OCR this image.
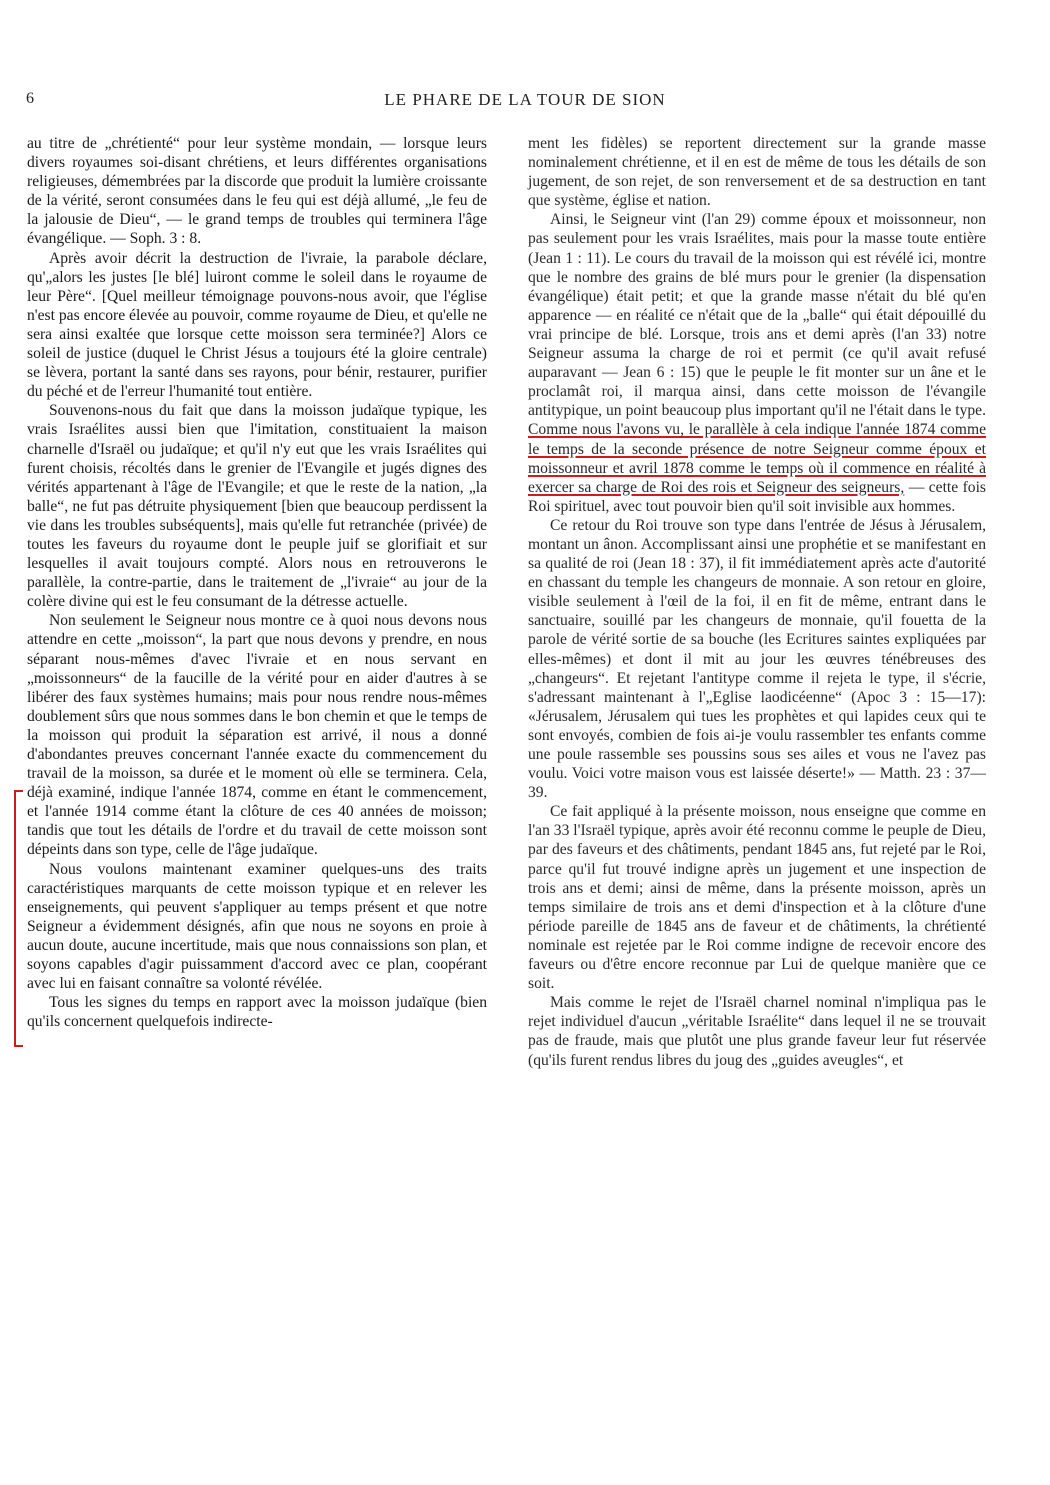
6	LE PHARE DE LA TOUR DE SION

au titre de „chrétienté“ pour leur système mondain, — lorsque leurs divers royaumes soi-disant chrétiens, et leurs différentes organisations religieuses, démembrées par la discorde que produit la lumière croissante de la vérité, seront consumées dans le feu qui est déjà allumé, „le feu de la jalousie de Dieu“, — le grand temps de troubles qui terminera l'âge évangélique. — Soph. 3 : 8.

Après avoir décrit la destruction de l'ivraie, la parabole déclare, qu'„alors les justes [le blé] luiront comme le soleil dans le royaume de leur Père“. [Quel meilleur témoignage pouvons-nous avoir, que l'église n'est pas encore élevée au pouvoir, comme royaume de Dieu, et qu'elle ne sera ainsi exaltée que lorsque cette moisson sera terminée?] Alors ce soleil de justice (duquel le Christ Jésus a toujours été la gloire centrale) se lèvera, portant la santé dans ses rayons, pour bénir, restaurer, purifier du péché et de l'erreur l'humanité tout entière.

Souvenons-nous du fait que dans la moisson judaïque typique, les vrais Israélites aussi bien que l'imitation, constituaient la maison charnelle d'Israël ou judaïque; et qu'il n'y eut que les vrais Israélites qui furent choisis, récoltés dans le grenier de l'Evangile et jugés dignes des vérités appartenant à l'âge de l'Evangile; et que le reste de la nation, „la balle“, ne fut pas détruite physiquement [bien que beaucoup perdissent la vie dans les troubles subséquents], mais qu'elle fut retranchée (privée) de toutes les faveurs du royaume dont le peuple juif se glorifiait et sur lesquelles il avait toujours compté. Alors nous en retrouverons le parallèle, la contre-partie, dans le traitement de „l'ivraie“ au jour de la colère divine qui est le feu consumant de la détresse actuelle.

Non seulement le Seigneur nous montre ce à quoi nous devons nous attendre en cette „moisson“, la part que nous devons y prendre, en nous séparant nous-mêmes d'avec l'ivraie et en nous servant en „moissonneurs“ de la faucille de la vérité pour en aider d'autres à se libérer des faux systèmes humains; mais pour nous rendre nous-mêmes doublement sûrs que nous sommes dans le bon chemin et que le temps de la moisson qui produit la séparation est arrivé, il nous a donné d'abondantes preuves concernant l'année exacte du commencement du travail de la moisson, sa durée et le moment où elle se terminera. Cela, déjà examiné, indique l'année 1874, comme en étant le commencement, et l'année 1914 comme étant la clôture de ces 40 années de moisson; tandis que tout les détails de l'ordre et du travail de cette moisson sont dépeints dans son type, celle de l'âge judaïque.

Nous voulons maintenant examiner quelques-uns des traits caractéristiques marquants de cette moisson typique et en relever les enseignements, qui peuvent s'appliquer au temps présent et que notre Seigneur a évidemment désignés, afin que nous ne soyons en proie à aucun doute, aucune incertitude, mais que nous connaissions son plan, et soyons capables d'agir puissamment d'accord avec ce plan, coopérant avec lui en faisant connaître sa volonté révélée.

Tous les signes du temps en rapport avec la moisson judaïque (bien qu'ils concernent quelquefois indirecte-

ment les fidèles) se reportent directement sur la grande masse nominalement chrétienne, et il en est de même de tous les détails de son jugement, de son rejet, de son renversement et de sa destruction en tant que système, église et nation.

Ainsi, le Seigneur vint (l'an 29) comme époux et moissonneur, non pas seulement pour les vrais Israélites, mais pour la masse toute entière (Jean 1 : 11). Le cours du travail de la moisson qui est révélé ici, montre que le nombre des grains de blé murs pour le grenier (la dispensation évangélique) était petit; et que la grande masse n'était du blé qu'en apparence — en réalité ce n'était que de la „balle“ qui était dépouillé du vrai principe de blé. Lorsque, trois ans et demi après (l'an 33) notre Seigneur assuma la charge de roi et permit (ce qu'il avait refusé auparavant — Jean 6 : 15) que le peuple le fit monter sur un âne et le proclamât roi, il marqua ainsi, dans cette moisson de l'évangile antitypique, un point beaucoup plus important qu'il ne l'était dans le type. Comme nous l'avons vu, le parallèle à cela indique l'année 1874 comme le temps de la seconde présence de notre Seigneur comme époux et moissonneur et avril 1878 comme le temps où il commence en réalité à exercer sa charge de Roi des rois et Seigneur des seigneurs, — cette fois Roi spirituel, avec tout pouvoir bien qu'il soit invisible aux hommes.

Ce retour du Roi trouve son type dans l'entrée de Jésus à Jérusalem, montant un ânon. Accomplissant ainsi une prophétie et se manifestant en sa qualité de roi (Jean 18 : 37), il fit immédiatement après acte d'autorité en chassant du temple les changeurs de monnaie. A son retour en gloire, visible seulement à l'œil de la foi, il en fit de même, entrant dans le sanctuaire, souillé par les changeurs de monnaie, qu'il fouetta de la parole de vérité sortie de sa bouche (les Ecritures saintes expliquées par elles-mêmes) et dont il mit au jour les œuvres ténébreuses des „changeurs“. Et rejetant l'antitype comme il rejeta le type, il s'écrie, s'adressant maintenant à l'„Eglise laodicéenne“ (Apoc 3 : 15—17): «Jérusalem, Jérusalem qui tues les prophètes et qui lapides ceux qui te sont envoyés, combien de fois ai-je voulu rassembler tes enfants comme une poule rassemble ses poussins sous ses ailes et vous ne l'avez pas voulu. Voici votre maison vous est laissée déserte!» — Matth. 23 : 37—39.

Ce fait appliqué à la présente moisson, nous enseigne que comme en l'an 33 l'Israël typique, après avoir été reconnu comme le peuple de Dieu, par des faveurs et des châtiments, pendant 1845 ans, fut rejeté par le Roi, parce qu'il fut trouvé indigne après un jugement et une inspection de trois ans et demi; ainsi de même, dans la présente moisson, après un temps similaire de trois ans et demi d'inspection et à la clôture d'une période pareille de 1845 ans de faveur et de châtiments, la chrétienté nominale est rejetée par le Roi comme indigne de recevoir encore des faveurs ou d'être encore reconnue par Lui de quelque manière que ce soit.

Mais comme le rejet de l'Israël charnel nominal n'impliqua pas le rejet individuel d'aucun „véritable Israélite“ dans lequel il ne se trouvait pas de fraude, mais que plutôt une plus grande faveur leur fut réservée (qu'ils furent rendus libres du joug des „guides aveugles“, et
